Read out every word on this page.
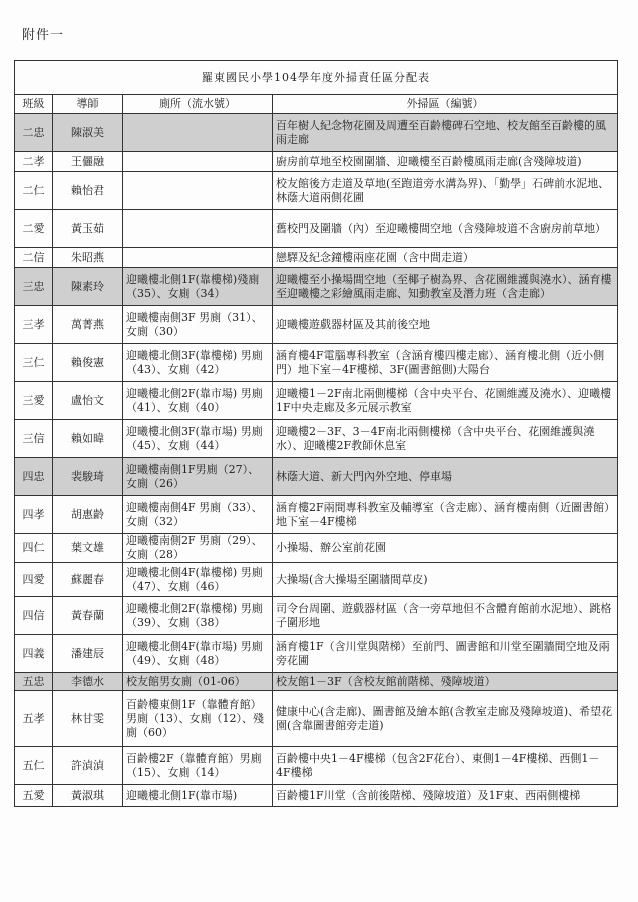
附件一
羅東國民小學104學年度外掃責任區分配表			
班級	導師	廁所（流水號）	外掃區（編號）
二忠	陳淑美		百年樹人紀念物花園及周遭至百齡樓碑石空地、校友館至百齡樓的風雨走廊
二孝	王儷融		廚房前草地至校園圍牆、迎曦樓至百齡樓風雨走廊(含殘障坡道)
二仁	賴怡君		校友館後方走道及草地(至跑道旁水溝為界)、「勤學」石碑前水泥地、林蔭大道兩側花圃
二愛	黃玉茹		舊校門及圍牆（內）至迎曦樓間空地（含殘障坡道不含廚房前草地）
二信	朱昭燕		戀驛及紀念鐘樓兩座花園（含中間走道）
三忠	陳素玲	迎曦樓北側1F(靠樓梯)殘廁（35）、女廁（34）	迎曦樓至小操場間空地（至椰子樹為界、含花園維護與澆水）、涵育樓至迎曦樓之彩繪風雨走廊、知動教室及潛力班（含走廊）
三孝	萬菁燕	迎曦樓南側3F 男廁（31）、女廁（30）	迎曦樓遊戲器材區及其前後空地
三仁	賴俊憲	迎曦樓北側3F(靠樓梯) 男廁（43）、女廁（42）	涵育樓4F電腦專科教室（含涵育樓四樓走廊）、涵育樓北側（近小側門）地下室－4F樓梯、3F(圖書館側)大陽台
三愛	盧怡文	迎曦樓北側2F(靠市場) 男廁（41）、女廁（40）	迎曦樓1－2F南北兩側樓梯（含中央平台、花園維護及澆水）、迎曦樓1F中央走廊及多元展示教室
三信	賴如暐	迎曦樓北側3F(靠市場) 男廁（45）、女廁（44）	迎曦樓2－3F、3－4F南北兩側樓梯（含中央平台、花園維護與澆水）、迎曦樓2F教師休息室
四忠	裴駿琦	迎曦樓南側1F男廁（27）、女廁（26）	林蔭大道、新大門內外空地、停車場
四孝	胡惠齡	迎曦樓南側4F 男廁（33）、女廁（32）	涵育樓2F兩間專科教室及輔導室（含走廊）、涵育樓南側（近圖書館）地下室－4F樓梯
四仁	葉文雄	迎曦樓南側2F 男廁（29）、女廁（28）	小操場、辦公室前花園
四愛	蘇麗春	迎曦樓北側4F(靠樓梯) 男廁（47）、女廁（46）	大操場(含大操場至圍牆間草皮)
四信	黃春蘭	迎曦樓北側2F(靠樓梯) 男廁（39）、女廁（38）	司令台周圍、遊戲器材區（含一旁草地但不含體育館前水泥地）、跳格子圍形地
四義	潘建辰	迎曦樓北側4F(靠市場) 男廁（49）、女廁（48）	涵育樓1F（含川堂與階梯）至前門、圖書館和川堂至圍牆間空地及兩旁花圃
五忠	李德水	校友館男女廁（01-06）	校友館1－3F（含校友館前階梯、殘障坡道）
五孝	林甘雯	百齡樓東側1F（靠體育館）男廁（13）、女廁（12）、殘廁（60）	健康中心(含走廊)、圖書館及繪本館(含教室走廊及殘障坡道)、希望花園(含靠圖書館旁走道)
五仁	許湞湞	百齡樓2F（靠體育館）男廁（15）、女廁（14）	百齡樓中央1－4F樓梯（包含2F花台）、東側1－4F樓梯、西側1－4F樓梯
五愛	黃淑琪	迎曦樓北側1F(靠市場)	百齡樓1F川堂（含前後階梯、殘障坡道）及1F東、西兩側樓梯
